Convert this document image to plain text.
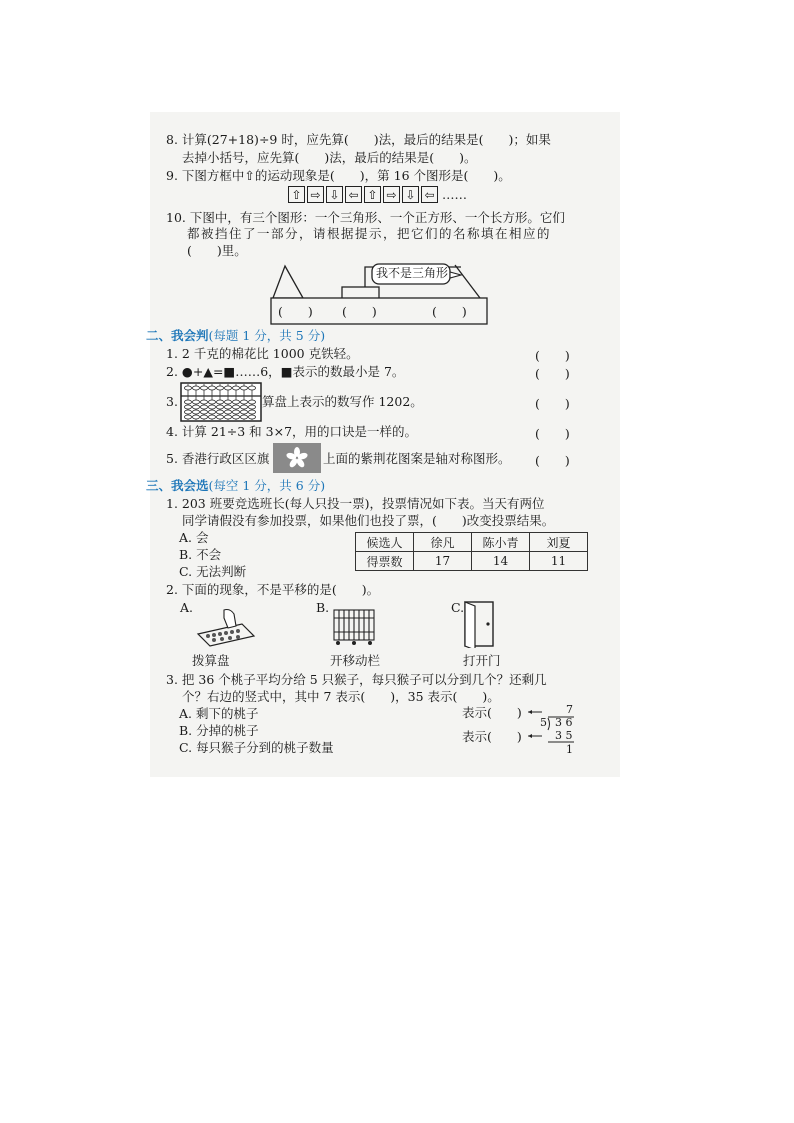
8. 计算(27+18)÷9 时，应先算(　　)法，最后的结果是(　　)；如果
去掉小括号，应先算(　　)法，最后的结果是(　　)。
9. 下图方框中⇧的运动现象是(　　)，第 16 个图形是(　　)。
⇧ ⇨ ⇩ ⇦ ⇧ ⇨ ⇩ ⇦ ……
10. 下图中，有三个图形：一个三角形、一个正方形、一个长方形。它们
都被挡住了一部分，请根据提示，把它们的名称填在相应的
(　　)里。
我不是三角形
(　　) (　　)	(　　)
二、我会判(每题 1 分，共 5 分)
1. 2 千克的棉花比 1000 克铁轻。	(　　)
2. ●+▲=■……6，■表示的数最小是 7。	(　　)
3.	算盘上表示的数写作 1202。	(　　)
4. 计算 21÷3 和 3×7，用的口诀是一样的。	(　　)
5. 香港行政区区旗	上面的紫荆花图案是轴对称图形。 (　　)
三、我会选(每空 1 分，共 6 分)
1. 203 班要竞选班长(每人只投一票)，投票情况如下表。当天有两位
同学请假没有参加投票，如果他们也投了票，(　　)改变投票结果。
A. 会
B. 不会
C. 无法判断
候选人	徐凡	陈小青	刘夏
得票数	17	14	11
2. 下面的现象，不是平移的是(　　)。
A.	B.	C.
拨算盘	开移动栏	打开门
3. 把 36 个桃子平均分给 5 只猴子，每只猴子可以分到几个？还剩几
个？右边的竖式中，其中 7 表示(　　)，35 表示(　　)。
A. 剩下的桃子
B. 分掉的桃子
C. 每只猴子分到的桃子数量
表示(　　)
表示(　　)
7
5 3 6
3 5
1
